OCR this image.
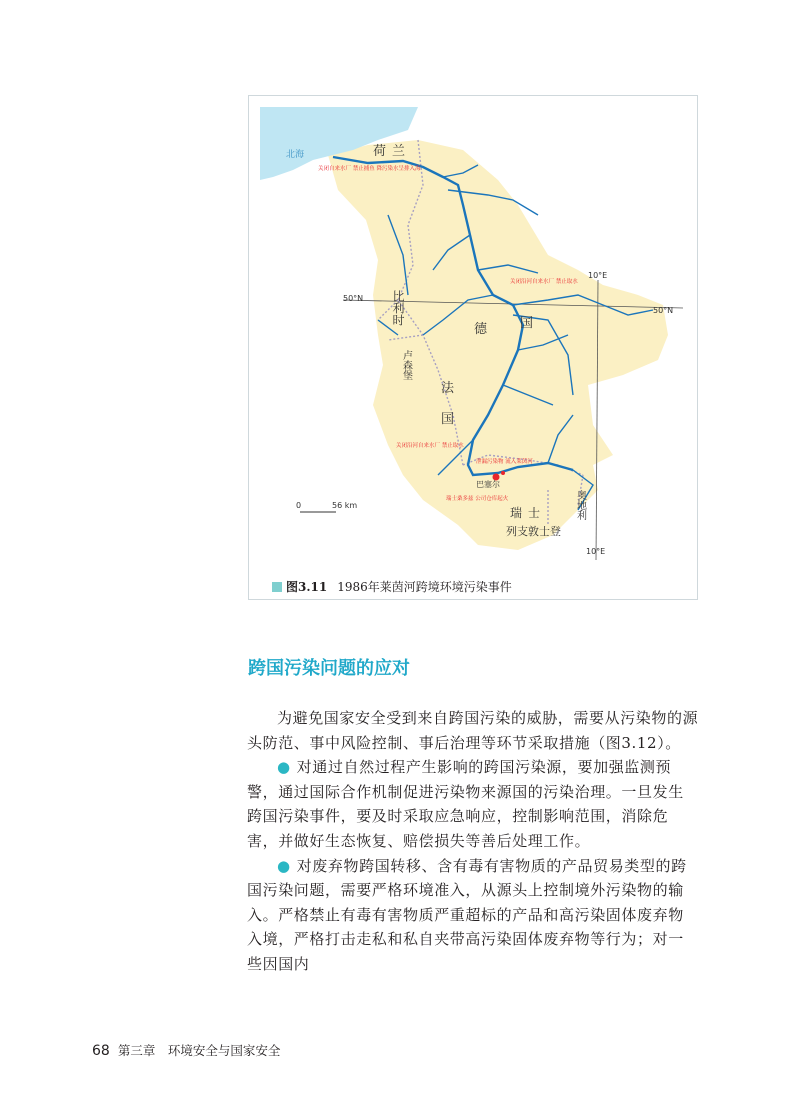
北海	荷兰
比利时
卢森堡
德	国
法
国
瑞士	奥地利
列支敦士登
巴塞尔
50°N
50°N
10°E
10°E
0	56 km
关闭自来水厂 禁止捕鱼 降污染水呈排入海
关闭沿河自来水厂 禁止取水
关闭沿河自来水厂 禁止取水
泄漏污染物 流入莱茵河
瑞士桑多兹 公司仓库起火
图3.11 1986年莱茵河跨境环境污染事件
跨国污染问题的应对

为避免国家安全受到来自跨国污染的威胁，需要从污染物的源头防范、事中风险控制、事后治理等环节采取措施（图3.12）。

● 对通过自然过程产生影响的跨国污染源，要加强监测预警，通过国际合作机制促进污染物来源国的污染治理。一旦发生跨国污染事件，要及时采取应急响应，控制影响范围，消除危害，并做好生态恢复、赔偿损失等善后处理工作。

● 对废弃物跨国转移、含有毒有害物质的产品贸易类型的跨国污染问题，需要严格环境准入，从源头上控制境外污染物的输入。严格禁止有毒有害物质严重超标的产品和高污染固体废弃物入境，严格打击走私和私自夹带高污染固体废弃物等行为；对一些因国内

68 第三章　环境安全与国家安全
